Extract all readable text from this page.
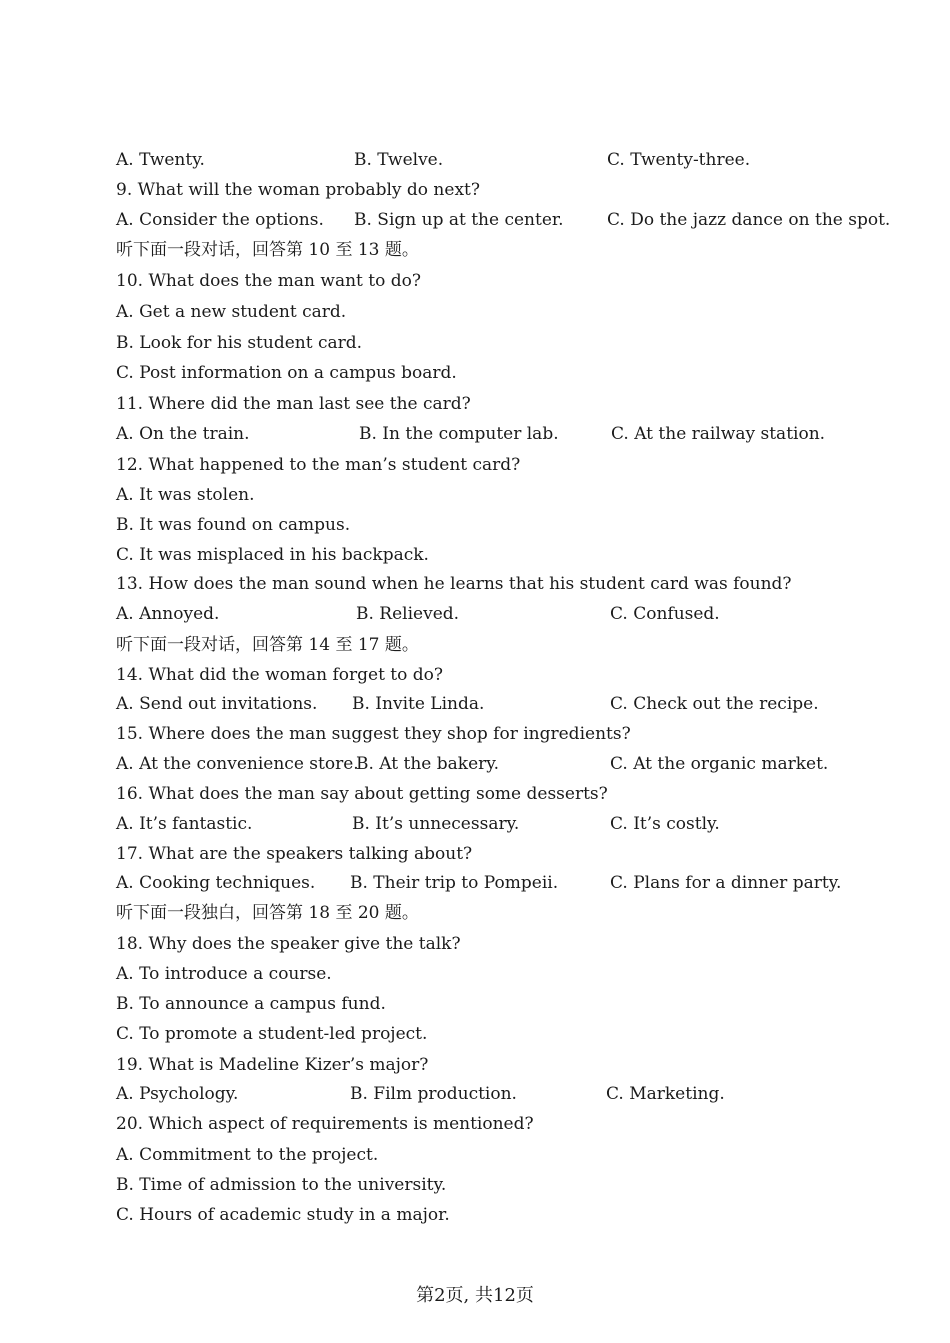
A. Twenty.	B. Twelve.	C. Twenty-three.
9. What will the woman probably do next?
A. Consider the options. B. Sign up at the center.	C. Do the jazz dance on the spot.
听下面一段对话，回答第 10 至 13 题。
10. What does the man want to do?
A. Get a new student card.
B. Look for his student card.
C. Post information on a campus board.
11. Where did the man last see the card?
A. On the train.	B. In the computer lab.	C. At the railway station.
12. What happened to the man’s student card?
A. It was stolen.
B. It was found on campus.
C. It was misplaced in his backpack.
13. How does the man sound when he learns that his student card was found?
A. Annoyed.	B. Relieved.	C. Confused.
听下面一段对话，回答第 14 至 17 题。
14. What did the woman forget to do?
A. Send out invitations. B. Invite Linda.	C. Check out the recipe.
15. Where does the man suggest they shop for ingredients?
A. At the convenience store.
B. At the bakery.	C. At the organic market.
16. What does the man say about getting some desserts?
A. It’s fantastic.	B. It’s unnecessary.	C. It’s costly.
17. What are the speakers talking about?
A. Cooking techniques. B. Their trip to Pompeii.	C. Plans for a dinner party.
听下面一段独白，回答第 18 至 20 题。
18. Why does the speaker give the talk?
A. To introduce a course.
B. To announce a campus fund.
C. To promote a student-led project.
19. What is Madeline Kizer’s major?
A. Psychology.	B. Film production.	C. Marketing.
20. Which aspect of requirements is mentioned?
A. Commitment to the project.
B. Time of admission to the university.
C. Hours of academic study in a major.
第2页, 共12页
